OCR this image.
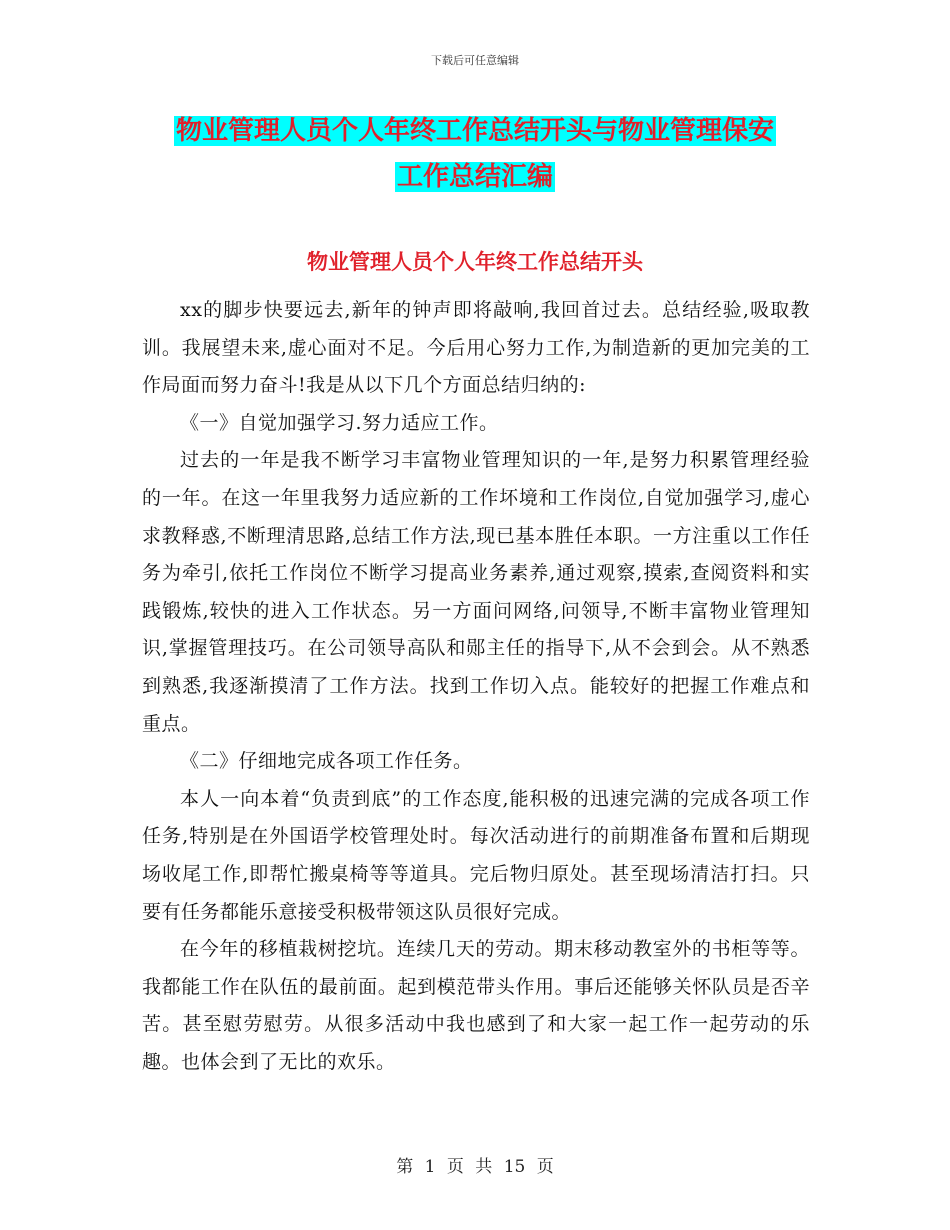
下载后可任意编辑
物业管理人员个人年终工作总结开头与物业管理保安
工作总结汇编
物业管理人员个人年终工作总结开头

xx的脚步快要远去,新年的钟声即将敲响,我回首过去。总结经验,吸取教训。我展望未来,虚心面对不足。今后用心努力工作,为制造新的更加完美的工作局面而努力奋斗!我是从以下几个方面总结归纳的:

《一》自觉加强学习.努力适应工作。

过去的一年是我不断学习丰富物业管理知识的一年,是努力积累管理经验的一年。在这一年里我努力适应新的工作坏境和工作岗位,自觉加强学习,虚心求教释惑,不断理清思路,总结工作方法,现已基本胜任本职。一方注重以工作任务为牵引,依托工作岗位不断学习提高业务素养,通过观察,摸索,查阅资料和实践锻炼,较快的进入工作状态。另一方面问网络,问领导,不断丰富物业管理知识,掌握管理技巧。在公司领导高队和郧主任的指导下,从不会到会。从不熟悉到熟悉,我逐渐摸清了工作方法。找到工作切入点。能较好的把握工作难点和重点。

《二》仔细地完成各项工作任务。

本人一向本着“负责到底”的工作态度,能积极的迅速完满的完成各项工作任务,特别是在外国语学校管理处时。每次活动进行的前期准备布置和后期现场收尾工作,即帮忙搬桌椅等等道具。完后物归原处。甚至现场清洁打扫。只要有任务都能乐意接受积极带领这队员很好完成。

在今年的移植栽树挖坑。连续几天的劳动。期末移动教室外的书柜等等。我都能工作在队伍的最前面。起到模范带头作用。事后还能够关怀队员是否辛苦。甚至慰劳慰劳。从很多活动中我也感到了和大家一起工作一起劳动的乐趣。也体会到了无比的欢乐。

第 1 页 共 15 页
